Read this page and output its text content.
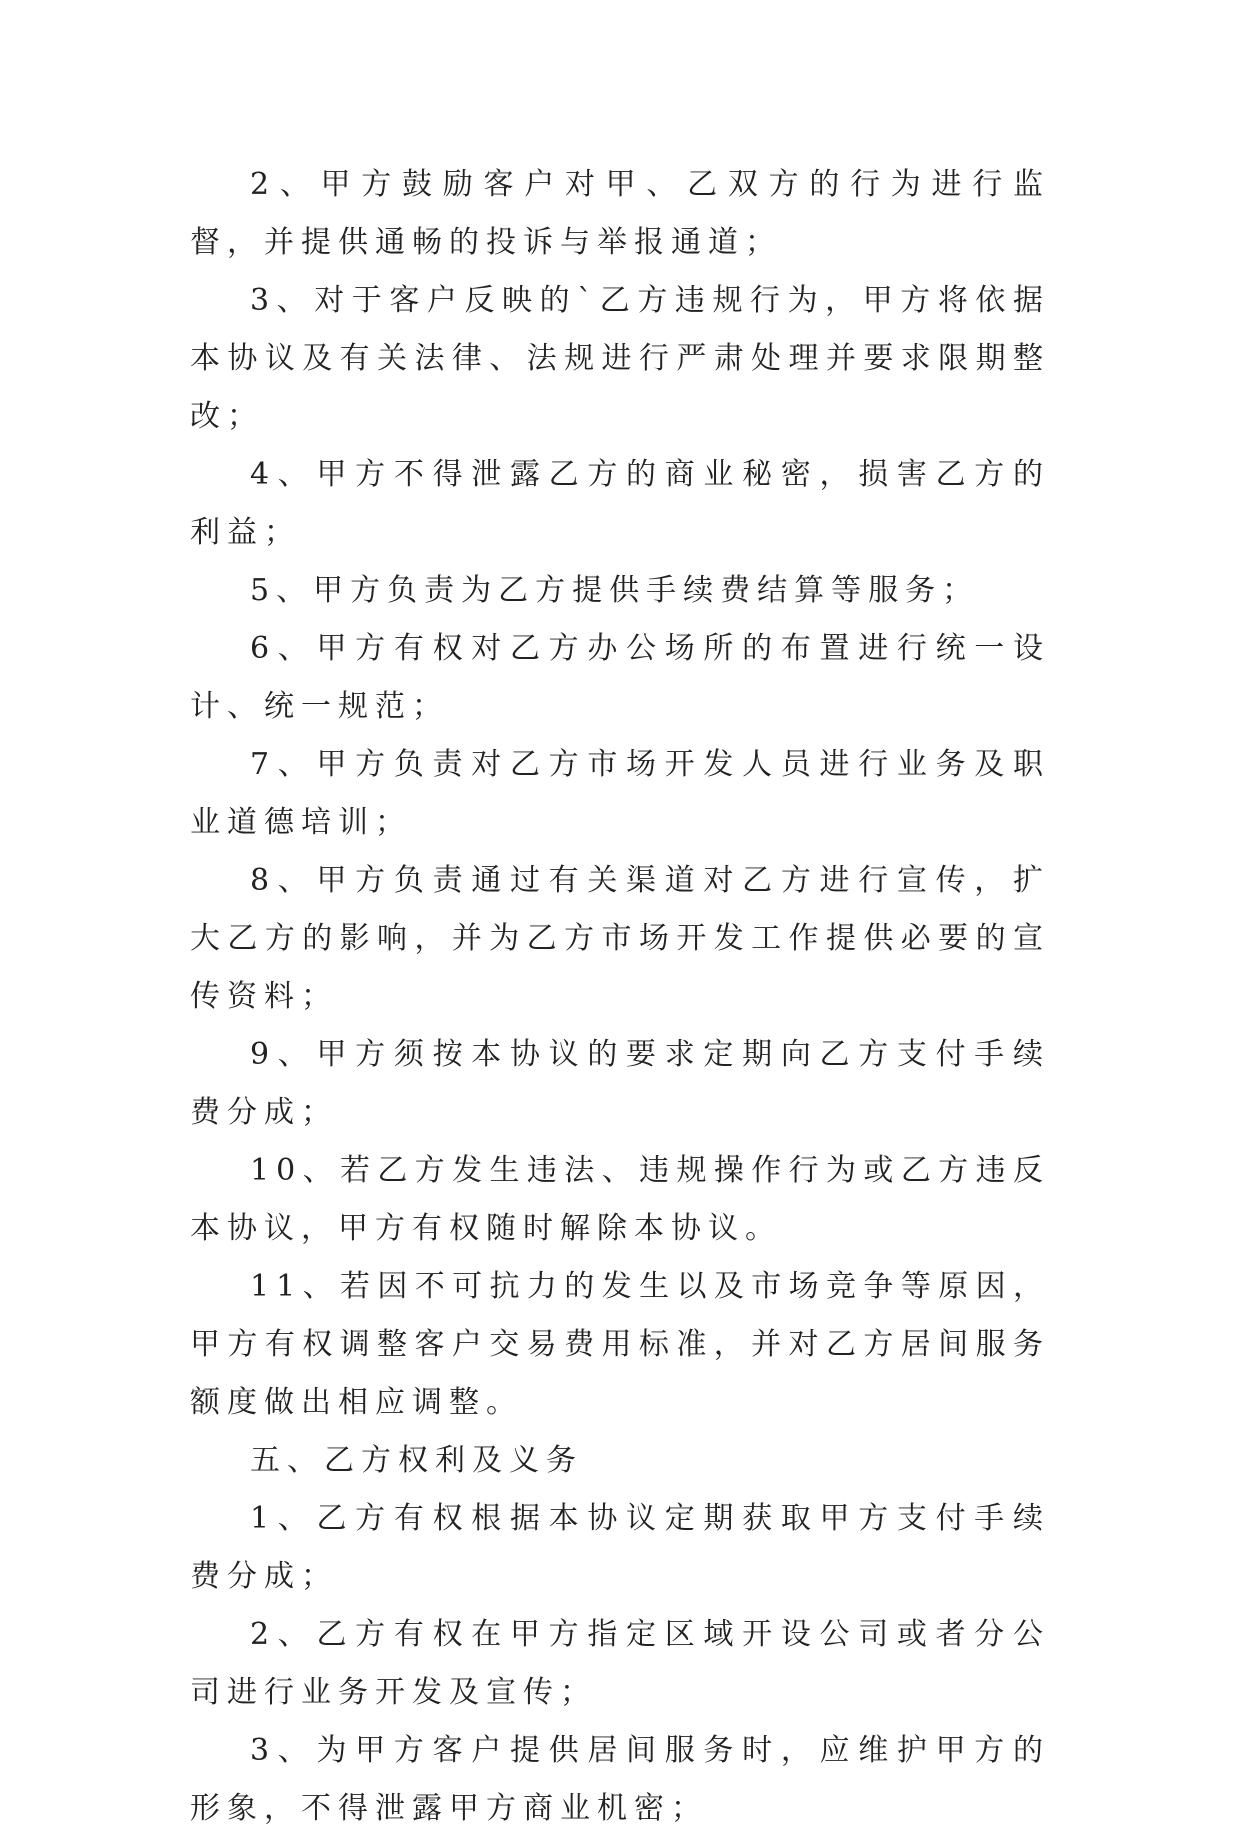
2、甲方鼓励客户对甲、乙双方的行为进行监督，并提供通畅的投诉与举报通道；

3、对于客户反映的`乙方违规行为，甲方将依据本协议及有关法律、法规进行严肃处理并要求限期整改；

4、甲方不得泄露乙方的商业秘密，损害乙方的利益；

5、甲方负责为乙方提供手续费结算等服务；

6、甲方有权对乙方办公场所的布置进行统一设计、统一规范；

7、甲方负责对乙方市场开发人员进行业务及职业道德培训；

8、甲方负责通过有关渠道对乙方进行宣传，扩大乙方的影响，并为乙方市场开发工作提供必要的宣传资料；

9、甲方须按本协议的要求定期向乙方支付手续费分成；

10、若乙方发生违法、违规操作行为或乙方违反本协议，甲方有权随时解除本协议。

11、若因不可抗力的发生以及市场竞争等原因，甲方有权调整客户交易费用标准，并对乙方居间服务额度做出相应调整。

五、乙方权利及义务

1、乙方有权根据本协议定期获取甲方支付手续费分成；

2、乙方有权在甲方指定区域开设公司或者分公司进行业务开发及宣传；

3、为甲方客户提供居间服务时，应维护甲方的形象，不得泄露甲方商业机密；
